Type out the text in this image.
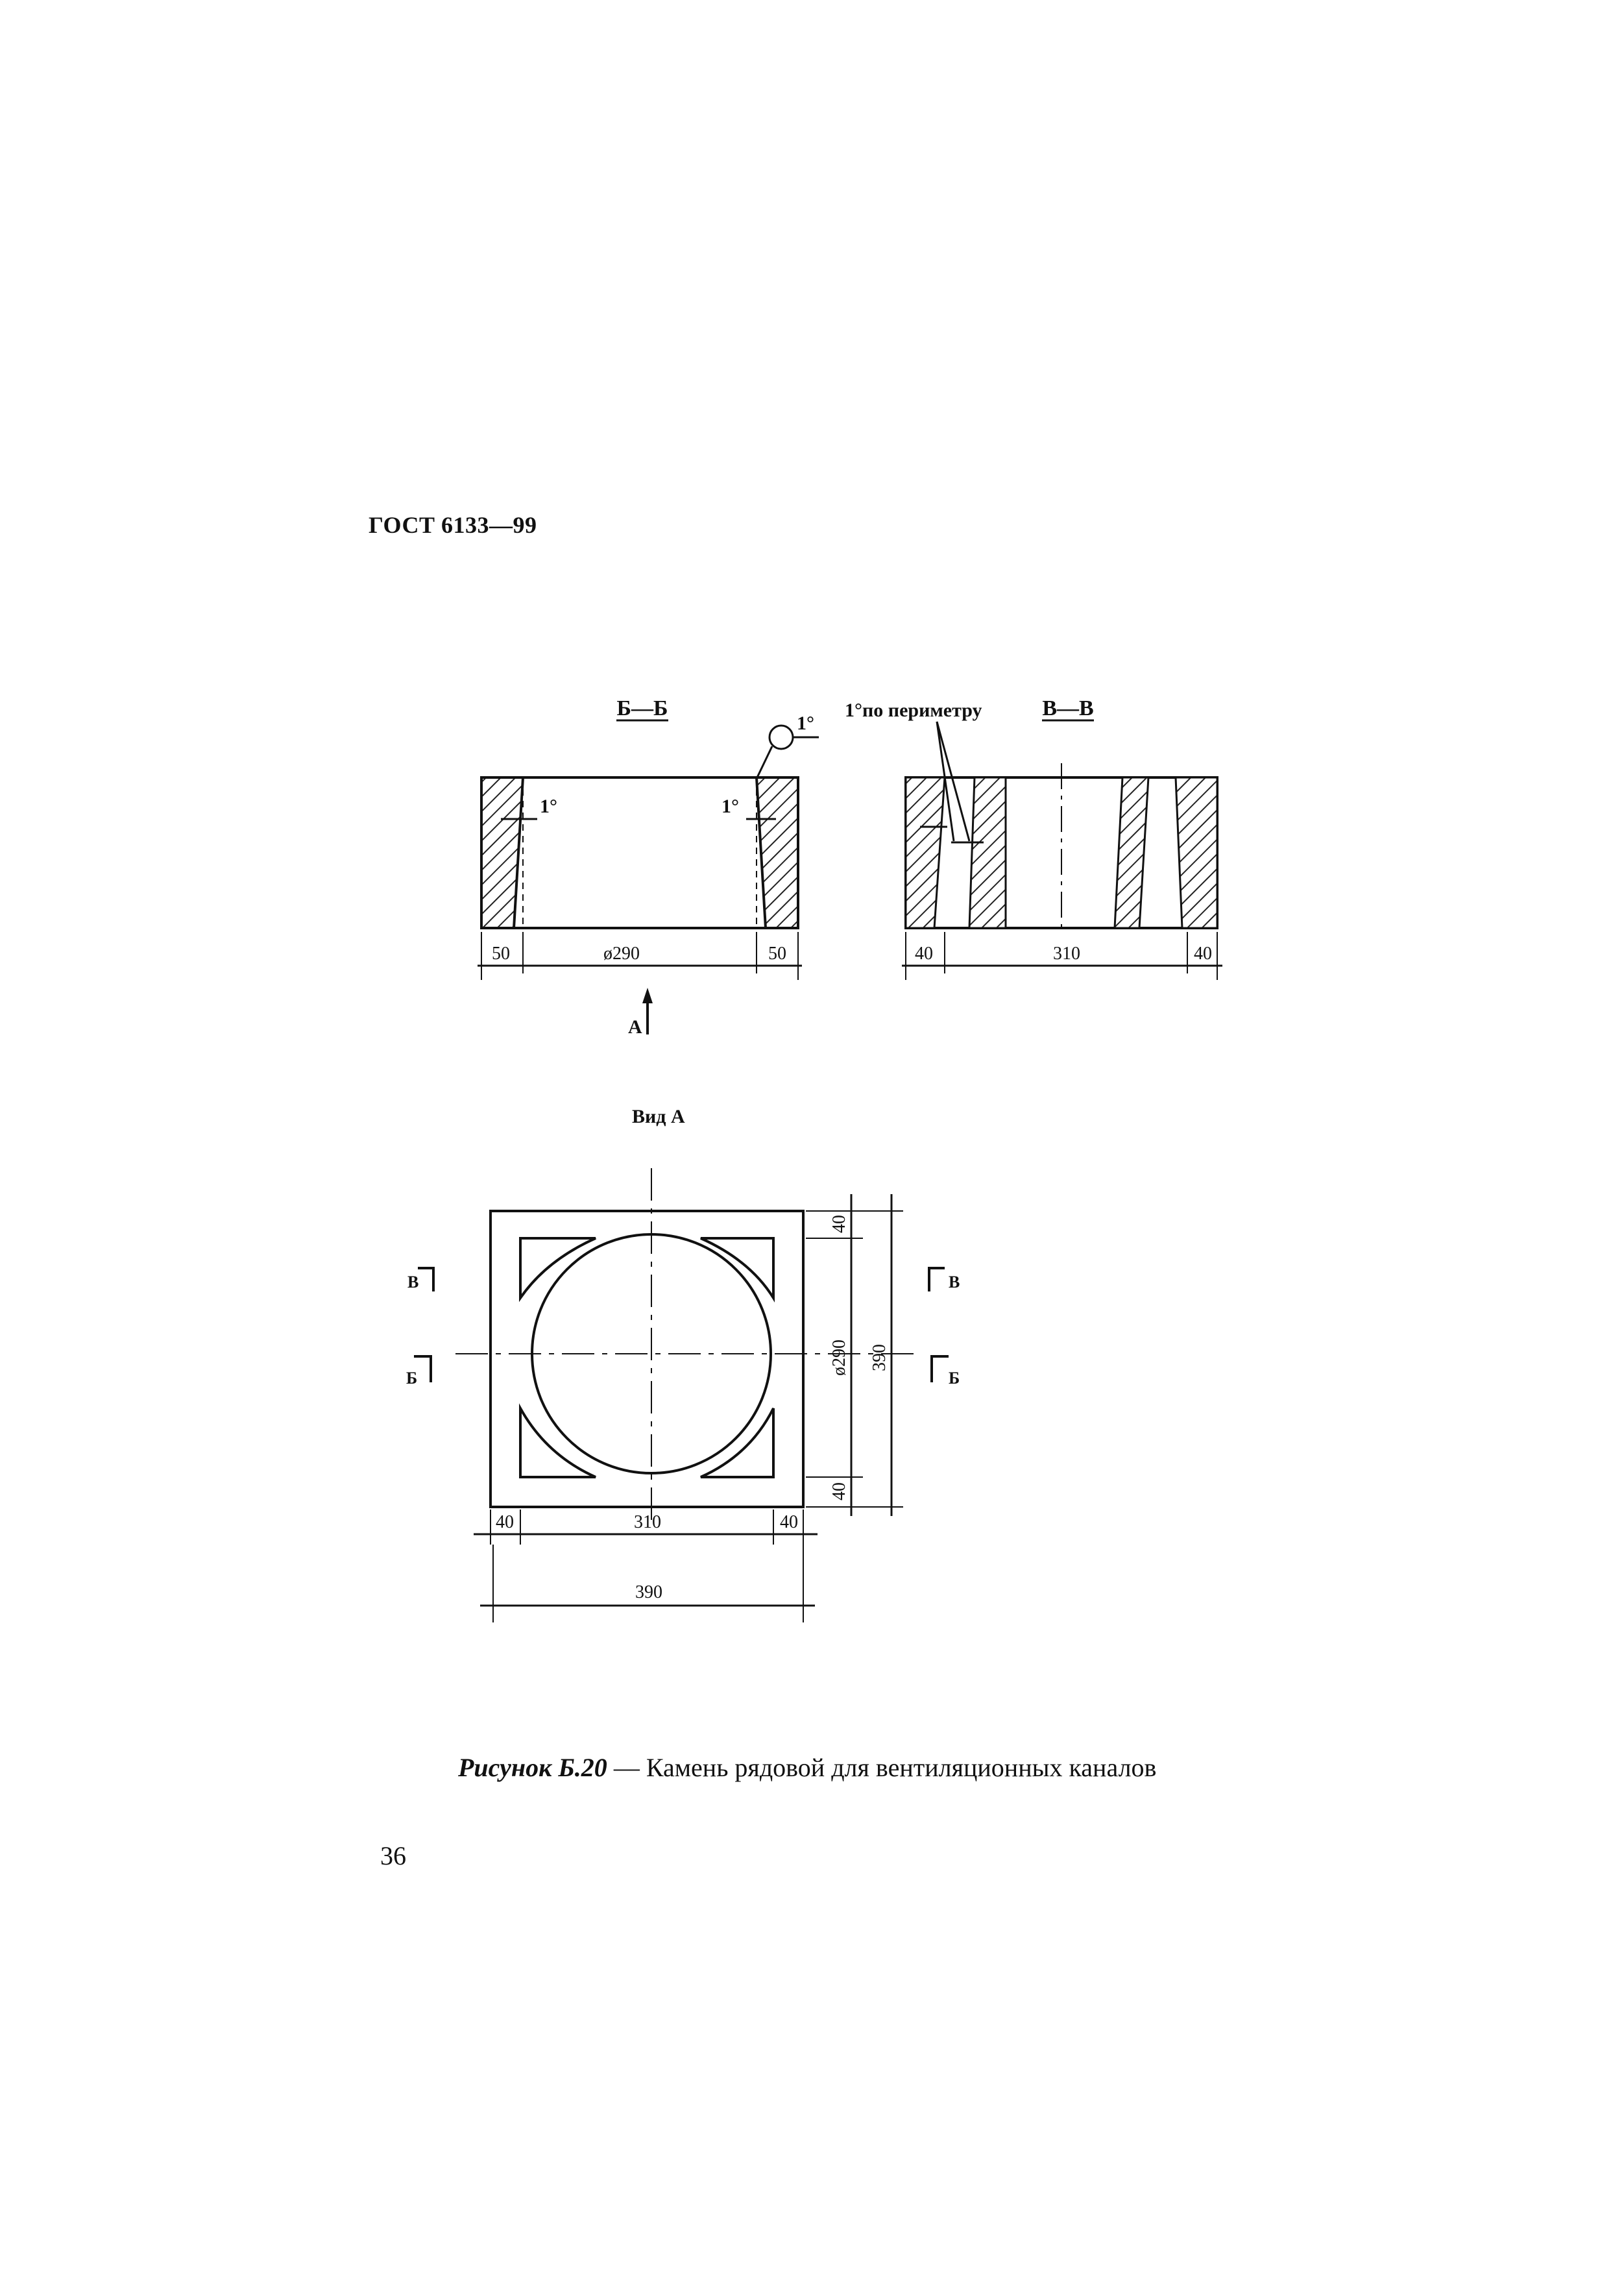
ГОСТ 6133—99
Б—Б
1°	1°
1°
50	ø290	50
А
1°по периметру	В—В
40	310	40
Вид А
В	В
Б	Б
40	310	40
390
40
ø290
40
390
Рисунок Б.20 — Камень рядовой для вентиляционных каналов
36
